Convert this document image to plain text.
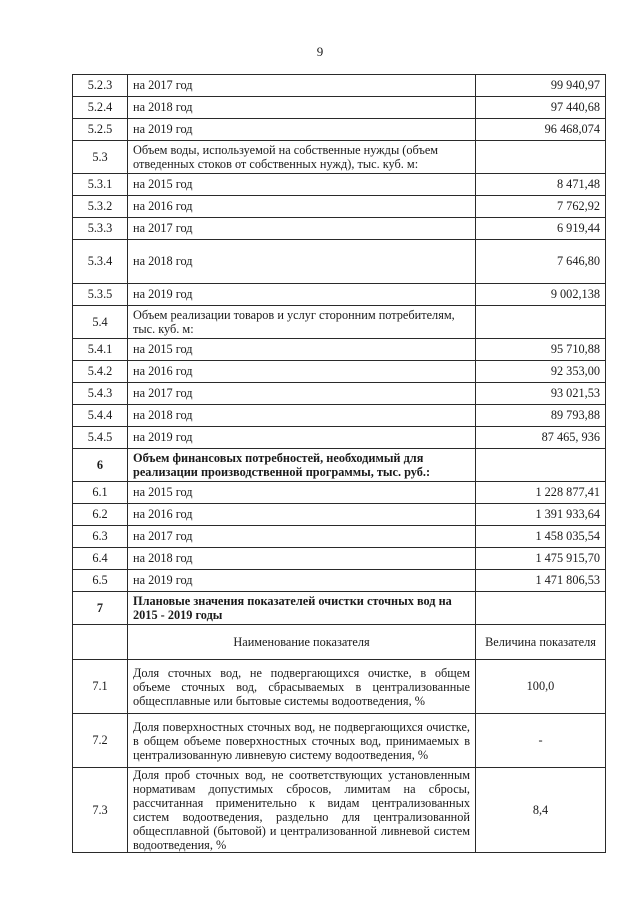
9
5.2.3	на 2017 год	99 940,97
5.2.4	на 2018 год	97 440,68
5.2.5	на 2019 год	96 468,074
5.3	Объем воды, используемой на собственные нужды (объем отведенных стоков от собственных нужд), тыс. куб. м:	
5.3.1	на 2015 год	8 471,48
5.3.2	на 2016 год	7 762,92
5.3.3	на 2017 год	6 919,44
5.3.4	на 2018 год	7 646,80
5.3.5	на 2019 год	9 002,138
5.4	Объем реализации товаров и услуг сторонним потребителям, тыс. куб. м:	
5.4.1	на 2015 год	95 710,88
5.4.2	на 2016 год	92 353,00
5.4.3	на 2017 год	93 021,53
5.4.4	на 2018 год	89 793,88
5.4.5	на 2019 год	87 465, 936
6	Объем финансовых потребностей, необходимый для реализации производственной программы, тыс. руб.:	
6.1	на 2015 год	1 228 877,41
6.2	на 2016 год	1 391 933,64
6.3	на 2017 год	1 458 035,54
6.4	на 2018 год	1 475 915,70
6.5	на 2019 год	1 471 806,53
7	Плановые значения показателей очистки сточных вод на 2015 - 2019 годы	
	Наименование показателя	Величина показателя
7.1	Доля сточных вод, не подвергающихся очистке, в общем объеме сточных вод, сбрасываемых в централизованные общесплавные или бытовые системы водоотведения, %	100,0
7.2	Доля поверхностных сточных вод, не подвергающихся очистке, в общем объеме поверхностных сточных вод, принимаемых в централизованную ливневую систему водоотведения, %	-
7.3	Доля проб сточных вод, не соответствующих установленным нормативам допустимых сбросов, лимитам на сбросы, рассчитанная применительно к видам централизованных систем водоотведения, раздельно для централизованной общесплавной (бытовой) и централизованной ливневой систем водоотведения, %	8,4
